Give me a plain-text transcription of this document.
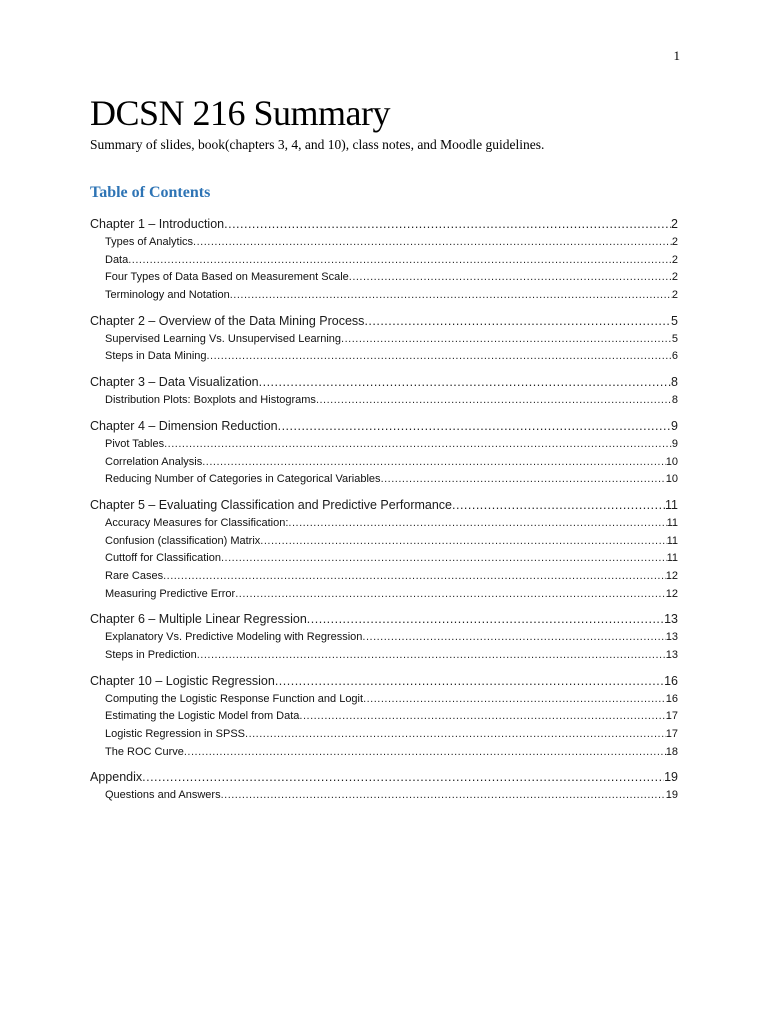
1
DCSN 216 Summary

Summary of slides, book(chapters 3, 4, and 10), class notes, and Moodle guidelines.

Table of Contents
Chapter 1 – Introduction .....	2
Types of Analytics .....	2
Data .....	2
Four Types of Data Based on Measurement Scale .....	2
Terminology and Notation .....	2
Chapter 2 – Overview of the Data Mining Process .....	5
Supervised Learning Vs. Unsupervised Learning .....	5
Steps in Data Mining .....	6
Chapter 3 – Data Visualization .....	8
Distribution Plots: Boxplots and Histograms .....	8
Chapter 4 – Dimension Reduction .....	9
Pivot Tables .....	9
Correlation Analysis .....	10
Reducing Number of Categories in Categorical Variables .....	10
Chapter 5 – Evaluating Classification and Predictive Performance .....	11
Accuracy Measures for Classification: .....	11
Confusion (classification) Matrix .....	11
Cuttoff for Classification .....	11
Rare Cases .....	12
Measuring Predictive Error .....	12
Chapter 6 – Multiple Linear Regression .....	13
Explanatory Vs. Predictive Modeling with Regression .....	13
Steps in Prediction .....	13
Chapter 10 – Logistic Regression .....	16
Computing the Logistic Response Function and Logit .....	16
Estimating the Logistic Model from Data .....	17
Logistic Regression in SPSS .....	17
The ROC Curve .....	18
Appendix .....	19
Questions and Answers .....	19
